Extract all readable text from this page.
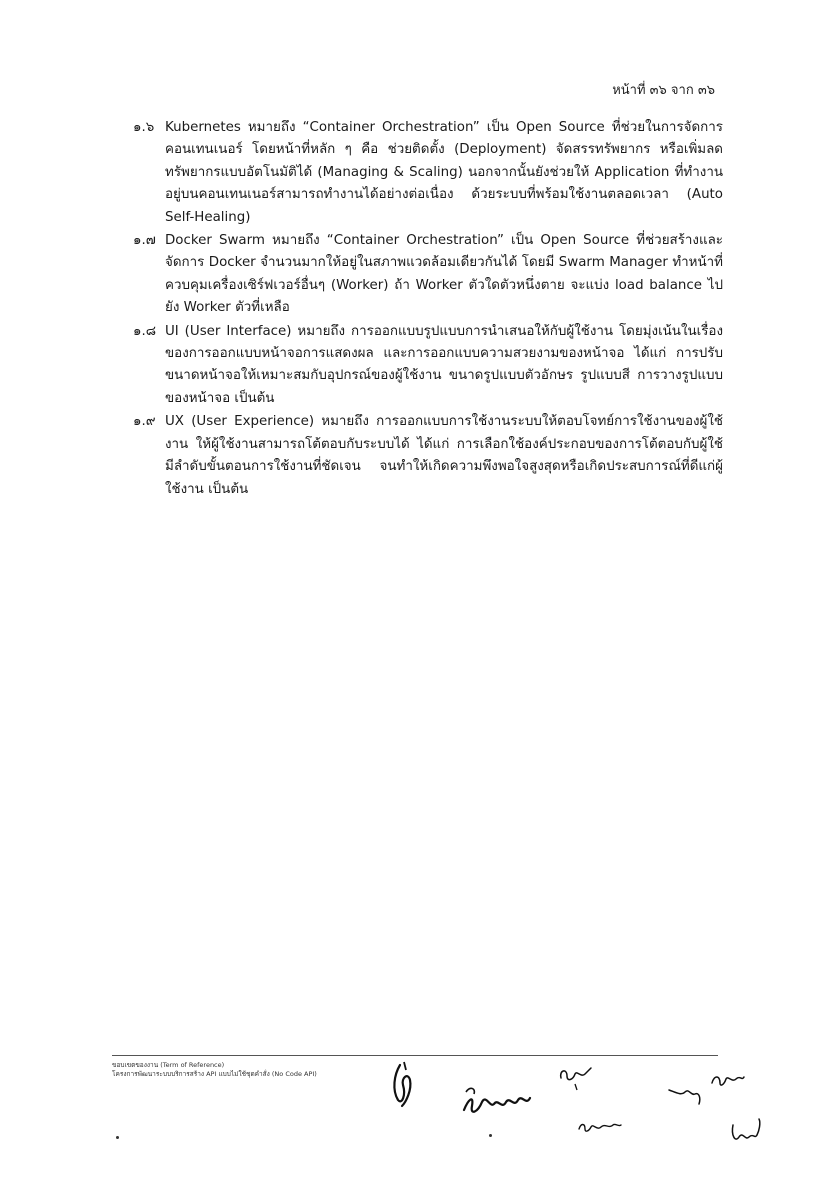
หน้าที่ ๓๖ จาก ๓๖
๑.๖ Kubernetes หมายถึง “Container Orchestration” เป็น Open Source ที่ช่วยในการจัดการคอนเทนเนอร์ โดยหน้าที่หลัก ๆ คือ ช่วยติดตั้ง (Deployment) จัดสรรทรัพยากร หรือเพิ่มลดทรัพยากรแบบอัตโนมัติได้ (Managing & Scaling) นอกจากนั้นยังช่วยให้ Application ที่ทำงานอยู่บนคอนเทนเนอร์สามารถทำงานได้อย่างต่อเนื่อง ด้วยระบบที่พร้อมใช้งานตลอดเวลา (Auto Self-Healing)
๑.๗ Docker Swarm หมายถึง “Container Orchestration” เป็น Open Source ที่ช่วยสร้างและจัดการ Docker จำนวนมากให้อยู่ในสภาพแวดล้อมเดียวกันได้ โดยมี Swarm Manager ทำหน้าที่ควบคุมเครื่องเซิร์ฟเวอร์อื่นๆ (Worker) ถ้า Worker ตัวใดตัวหนึ่งตาย จะแบ่ง load balance ไปยัง Worker ตัวที่เหลือ
๑.๘ UI (User Interface) หมายถึง การออกแบบรูปแบบการนำเสนอให้กับผู้ใช้งาน โดยมุ่งเน้นในเรื่องของการออกแบบหน้าจอการแสดงผล และการออกแบบความสวยงามของหน้าจอ ได้แก่ การปรับขนาดหน้าจอให้เหมาะสมกับอุปกรณ์ของผู้ใช้งาน ขนาดรูปแบบตัวอักษร รูปแบบสี การวางรูปแบบของหน้าจอ เป็นต้น
๑.๙ UX (User Experience) หมายถึง การออกแบบการใช้งานระบบให้ตอบโจทย์การใช้งานของผู้ใช้งาน ให้ผู้ใช้งานสามารถโต้ตอบกับระบบได้ ได้แก่ การเลือกใช้องค์ประกอบของการโต้ตอบกับผู้ใช้ มีลำดับขั้นตอนการใช้งานที่ชัดเจน จนทำให้เกิดความพึงพอใจสูงสุดหรือเกิดประสบการณ์ที่ดีแก่ผู้ใช้งาน เป็นต้น
ขอบเขตของงาน (Term of Reference)
โครงการพัฒนาระบบบริการสร้าง API แบบไม่ใช้ชุดคำสั่ง (No Code API)
